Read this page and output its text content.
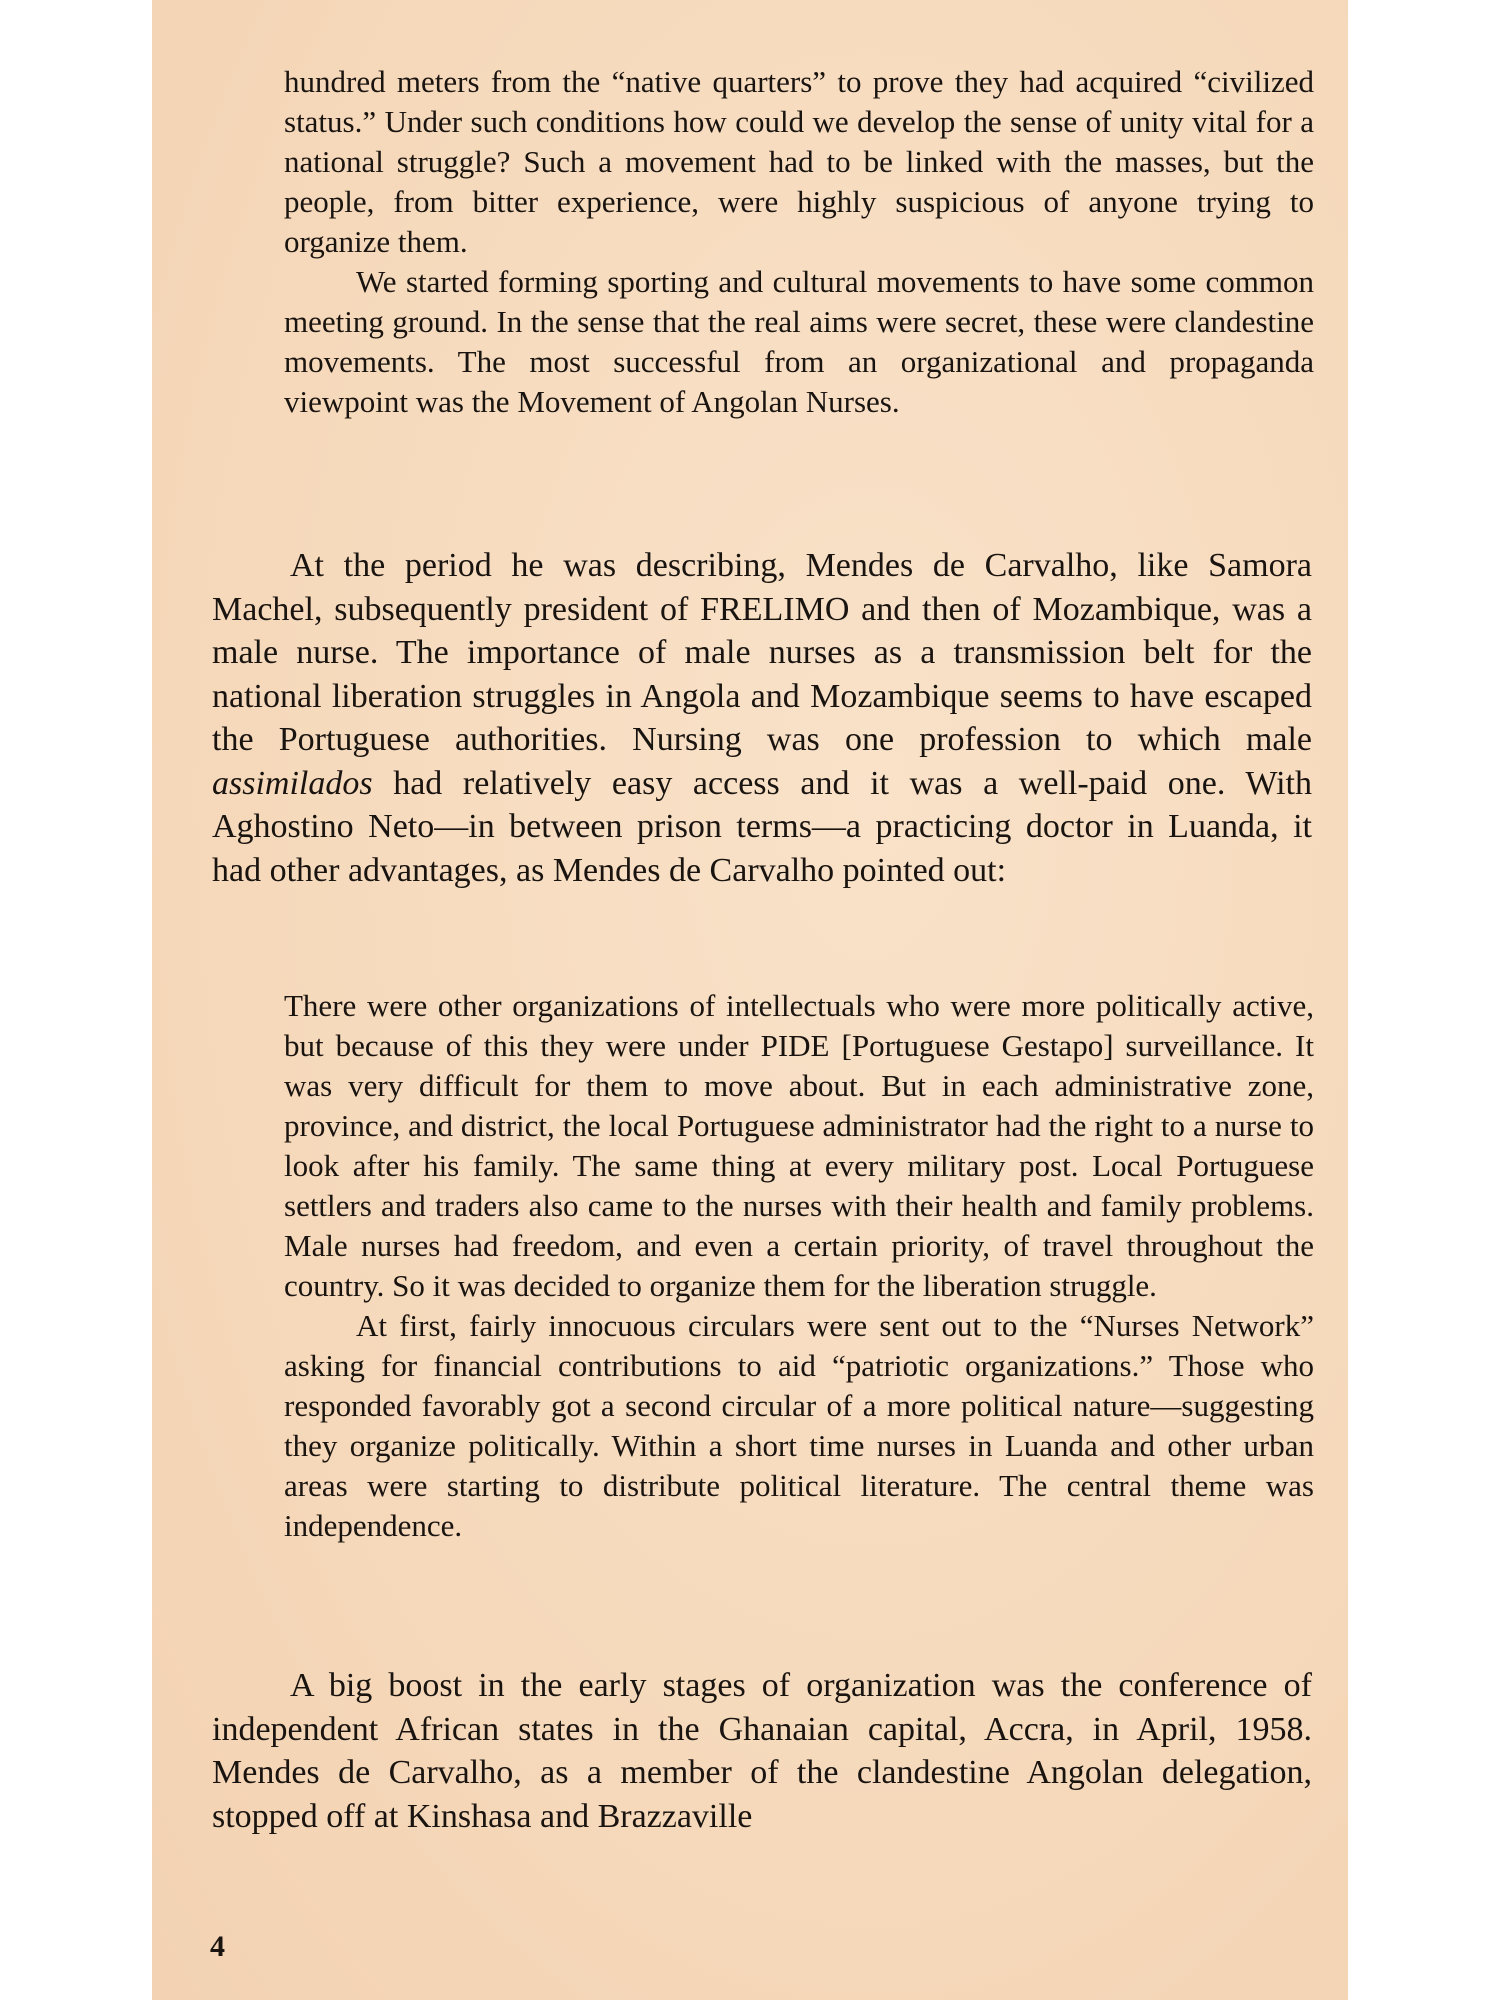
hundred meters from the “native quarters” to prove they had acquired “civilized status.” Under such conditions how could we develop the sense of unity vital for a national struggle? Such a movement had to be linked with the masses, but the people, from bitter experience, were highly suspicious of anyone trying to organize them.

We started forming sporting and cultural movements to have some common meeting ground. In the sense that the real aims were secret, these were clandestine movements. The most successful from an organizational and propaganda viewpoint was the Movement of Angolan Nurses.

At the period he was describing, Mendes de Carvalho, like Samora Machel, subsequently president of FRELIMO and then of Mozambique, was a male nurse. The importance of male nurses as a transmission belt for the national liberation struggles in Angola and Mozambique seems to have escaped the Portuguese authorities. Nursing was one profession to which male assimilados had relatively easy access and it was a well-paid one. With Aghostino Neto—in between prison terms—a practicing doctor in Luanda, it had other advantages, as Mendes de Carvalho pointed out:

There were other organizations of intellectuals who were more politically active, but because of this they were under PIDE [Portuguese Gestapo] surveillance. It was very difficult for them to move about. But in each administrative zone, province, and district, the local Portuguese administrator had the right to a nurse to look after his family. The same thing at every military post. Local Portuguese settlers and traders also came to the nurses with their health and family problems. Male nurses had freedom, and even a certain priority, of travel throughout the country. So it was decided to organize them for the liberation struggle.

At first, fairly innocuous circulars were sent out to the “Nurses Network” asking for financial contributions to aid “patriotic organizations.” Those who responded favorably got a second circular of a more political nature—suggesting they organize politically. Within a short time nurses in Luanda and other urban areas were starting to distribute political literature. The central theme was independence.

A big boost in the early stages of organization was the conference of independent African states in the Ghanaian capital, Accra, in April, 1958. Mendes de Carvalho, as a member of the clandestine Angolan delegation, stopped off at Kinshasa and Brazzaville

4
